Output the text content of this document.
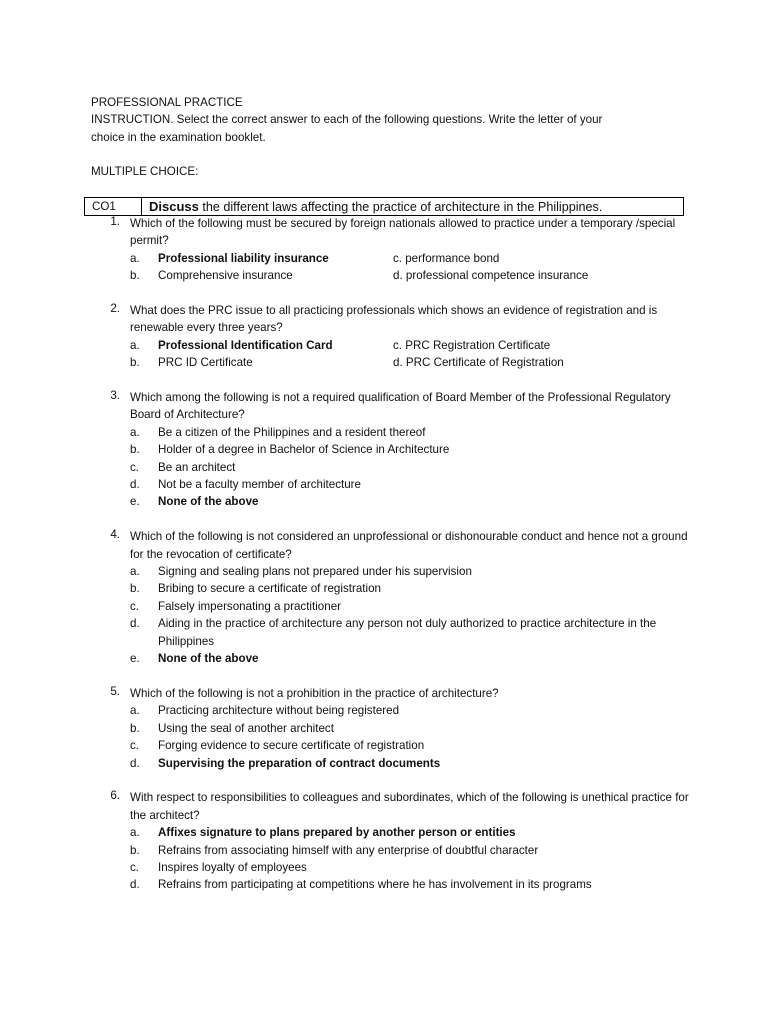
PROFESSIONAL PRACTICE
INSTRUCTION. Select the correct answer to each of the following questions. Write the letter of your
choice in the examination booklet.
MULTIPLE CHOICE:
CO1	Discuss the different laws affecting the practice of architecture in the Philippines.
1. Which of the following must be secured by foreign nationals allowed to practice under a temporary /special permit?
a.	Professional liability insurance	c. performance bond
b.	Comprehensive insurance	d. professional competence insurance
2. What does the PRC issue to all practicing professionals which shows an evidence of registration and is renewable every three years?
a.	Professional Identification Card	c. PRC Registration Certificate
b.	PRC ID Certificate	d. PRC Certificate of Registration
3. Which among the following is not a required qualification of Board Member of the Professional Regulatory Board of Architecture?
a.	Be a citizen of the Philippines and a resident thereof
b.	Holder of a degree in Bachelor of Science in Architecture
c.	Be an architect
d.	Not be a faculty member of architecture
e.	None of the above
4. Which of the following is not considered an unprofessional or dishonourable conduct and hence not a ground for the revocation of certificate?
a.	Signing and sealing plans not prepared under his supervision
b.	Bribing to secure a certificate of registration
c.	Falsely impersonating a practitioner
d.	Aiding in the practice of architecture any person not duly authorized to practice architecture in the Philippines
e.	None of the above
5. Which of the following is not a prohibition in the practice of architecture?
a.	Practicing architecture without being registered
b.	Using the seal of another architect
c.	Forging evidence to secure certificate of registration
d.	Supervising the preparation of contract documents
6. With respect to responsibilities to colleagues and subordinates, which of the following is unethical practice for the architect?
a.	Affixes signature to plans prepared by another person or entities
b.	Refrains from associating himself with any enterprise of doubtful character
c.	Inspires loyalty of employees
d.	Refrains from participating at competitions where he has involvement in its programs
